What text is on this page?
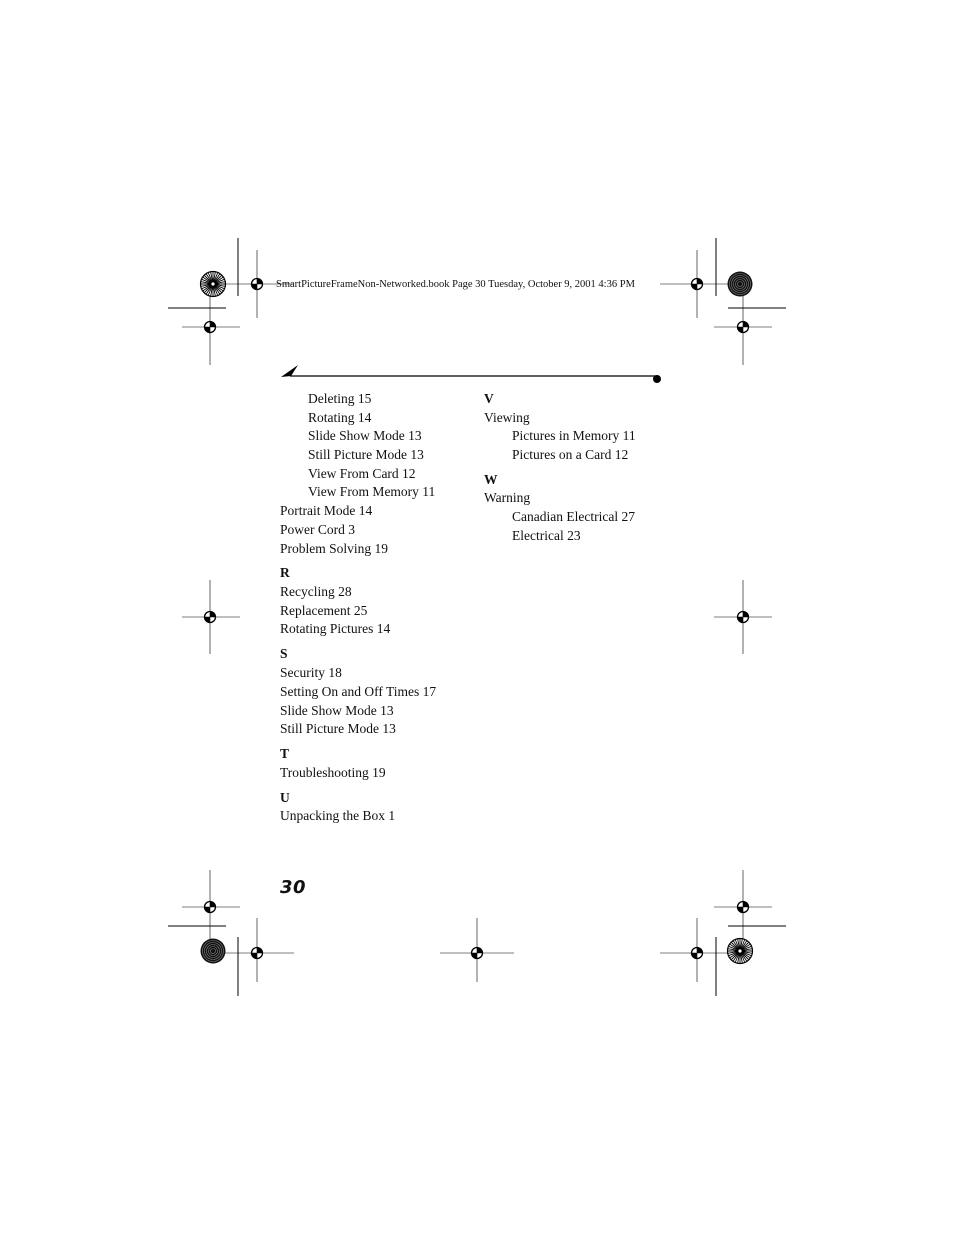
SmartPictureFrameNon-Networked.book Page 30 Tuesday, October 9, 2001 4:36 PM
Deleting 15
Rotating 14
Slide Show Mode 13
Still Picture Mode 13
View From Card 12
View From Memory 11
Portrait Mode 14
Power Cord 3
Problem Solving 19
R
Recycling 28
Replacement 25
Rotating Pictures 14
S
Security 18
Setting On and Off Times 17
Slide Show Mode 13
Still Picture Mode 13
T
Troubleshooting 19
U
Unpacking the Box 1
V
Viewing
Pictures in Memory 11
Pictures on a Card 12
W
Warning
Canadian Electrical 27
Electrical 23
30
